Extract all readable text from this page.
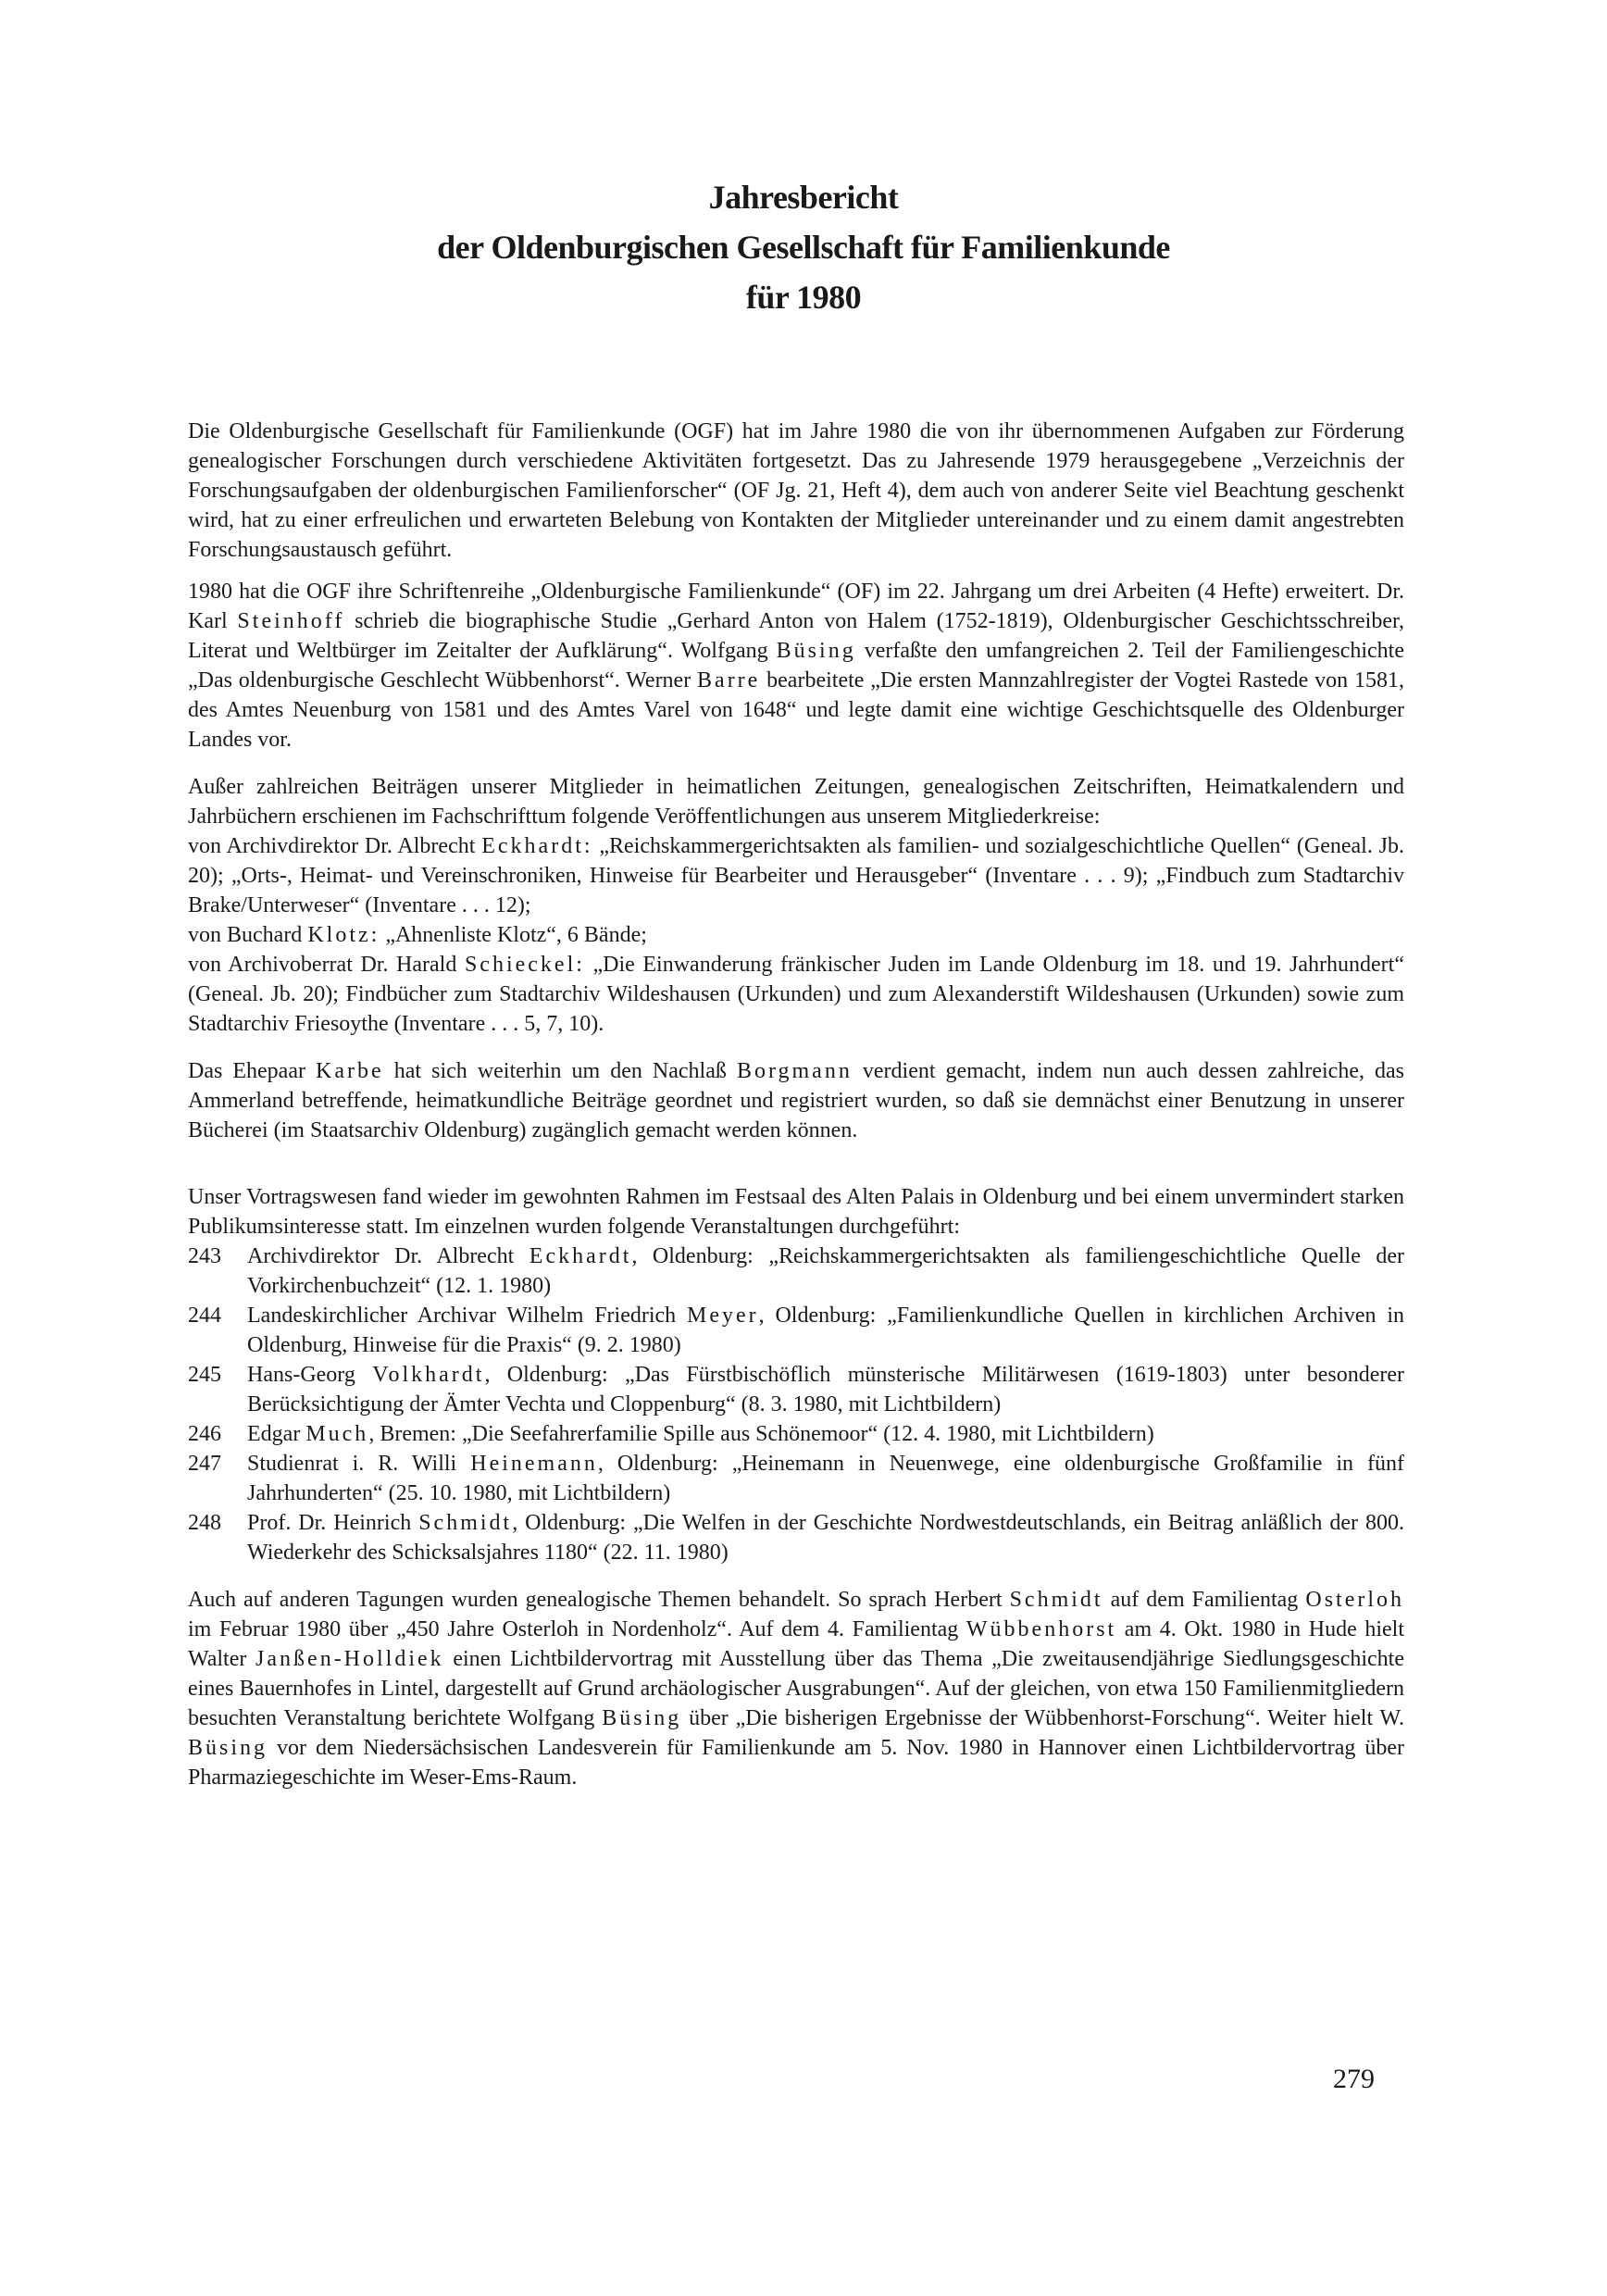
Jahresbericht
der Oldenburgischen Gesellschaft für Familienkunde
für 1980

Die Oldenburgische Gesellschaft für Familienkunde (OGF) hat im Jahre 1980 die von ihr übernommenen Aufgaben zur Förderung genealogischer Forschungen durch verschiedene Aktivitäten fortgesetzt. Das zu Jahresende 1979 herausgegebene „Verzeichnis der Forschungsaufgaben der oldenburgischen Familienforscher“ (OF Jg. 21, Heft 4), dem auch von anderer Seite viel Beachtung geschenkt wird, hat zu einer erfreulichen und erwarteten Belebung von Kontakten der Mitglieder untereinander und zu einem damit angestrebten Forschungsaustausch geführt.

1980 hat die OGF ihre Schriftenreihe „Oldenburgische Familienkunde“ (OF) im 22. Jahrgang um drei Arbeiten (4 Hefte) erweitert. Dr. Karl Steinhoff schrieb die biographische Studie „Gerhard Anton von Halem (1752-1819), Oldenburgischer Geschichtsschreiber, Literat und Weltbürger im Zeitalter der Aufklärung“. Wolfgang Büsing verfaßte den umfangreichen 2. Teil der Familiengeschichte „Das oldenburgische Geschlecht Wübbenhorst“. Werner Barre bearbeitete „Die ersten Mannzahlregister der Vogtei Rastede von 1581, des Amtes Neuenburg von 1581 und des Amtes Varel von 1648“ und legte damit eine wichtige Geschichtsquelle des Oldenburger Landes vor.

Außer zahlreichen Beiträgen unserer Mitglieder in heimatlichen Zeitungen, genealogischen Zeitschriften, Heimatkalendern und Jahrbüchern erschienen im Fachschrifttum folgende Veröffentlichungen aus unserem Mitgliederkreise:

von Archivdirektor Dr. Albrecht Eckhardt: „Reichskammergerichtsakten als familien- und sozialgeschichtliche Quellen“ (Geneal. Jb. 20); „Orts-, Heimat- und Vereinschroniken, Hinweise für Bearbeiter und Herausgeber“ (Inventare . . . 9); „Findbuch zum Stadtarchiv Brake/Unterweser“ (Inventare . . . 12);

von Buchard Klotz: „Ahnenliste Klotz“, 6 Bände;

von Archivoberrat Dr. Harald Schieckel: „Die Einwanderung fränkischer Juden im Lande Oldenburg im 18. und 19. Jahrhundert“ (Geneal. Jb. 20); Findbücher zum Stadtarchiv Wildeshausen (Urkunden) und zum Alexanderstift Wildeshausen (Urkunden) sowie zum Stadtarchiv Friesoythe (Inventare . . . 5, 7, 10).

Das Ehepaar Karbe hat sich weiterhin um den Nachlaß Borgmann verdient gemacht, indem nun auch dessen zahlreiche, das Ammerland betreffende, heimatkundliche Beiträge geordnet und registriert wurden, so daß sie demnächst einer Benutzung in unserer Bücherei (im Staatsarchiv Oldenburg) zugänglich gemacht werden können.

Unser Vortragswesen fand wieder im gewohnten Rahmen im Festsaal des Alten Palais in Oldenburg und bei einem unvermindert starken Publikumsinteresse statt. Im einzelnen wurden folgende Veranstaltungen durchgeführt:

243 Archivdirektor Dr. Albrecht Eckhardt, Oldenburg: „Reichskammergerichtsakten als familiengeschichtliche Quelle der Vorkirchenbuchzeit“ (12. 1. 1980)
244 Landeskirchlicher Archivar Wilhelm Friedrich Meyer, Oldenburg: „Familienkundliche Quellen in kirchlichen Archiven in Oldenburg, Hinweise für die Praxis“ (9. 2. 1980)
245 Hans-Georg Volkhardt, Oldenburg: „Das Fürstbischöflich münsterische Militärwesen (1619-1803) unter besonderer Berücksichtigung der Ämter Vechta und Cloppenburg“ (8. 3. 1980, mit Lichtbildern)
246 Edgar Much, Bremen: „Die Seefahrerfamilie Spille aus Schönemoor“ (12. 4. 1980, mit Lichtbildern)
247 Studienrat i. R. Willi Heinemann, Oldenburg: „Heinemann in Neuenwege, eine oldenburgische Großfamilie in fünf Jahrhunderten“ (25. 10. 1980, mit Lichtbildern)
248 Prof. Dr. Heinrich Schmidt, Oldenburg: „Die Welfen in der Geschichte Nordwestdeutschlands, ein Beitrag anläßlich der 800. Wiederkehr des Schicksalsjahres 1180“ (22. 11. 1980)

Auch auf anderen Tagungen wurden genealogische Themen behandelt. So sprach Herbert Schmidt auf dem Familientag Osterloh im Februar 1980 über „450 Jahre Osterloh in Nordenholz“. Auf dem 4. Familientag Wübbenhorst am 4. Okt. 1980 in Hude hielt Walter Janßen-Holldiek einen Lichtbildervortrag mit Ausstellung über das Thema „Die zweitausendjährige Siedlungsgeschichte eines Bauernhofes in Lintel, dargestellt auf Grund archäologischer Ausgrabungen“. Auf der gleichen, von etwa 150 Familienmitgliedern besuchten Veranstaltung berichtete Wolfgang Büsing über „Die bisherigen Ergebnisse der Wübbenhorst-Forschung“. Weiter hielt W. Büsing vor dem Niedersächsischen Landesverein für Familienkunde am 5. Nov. 1980 in Hannover einen Lichtbildervortrag über Pharmaziegeschichte im Weser-Ems-Raum.

279
